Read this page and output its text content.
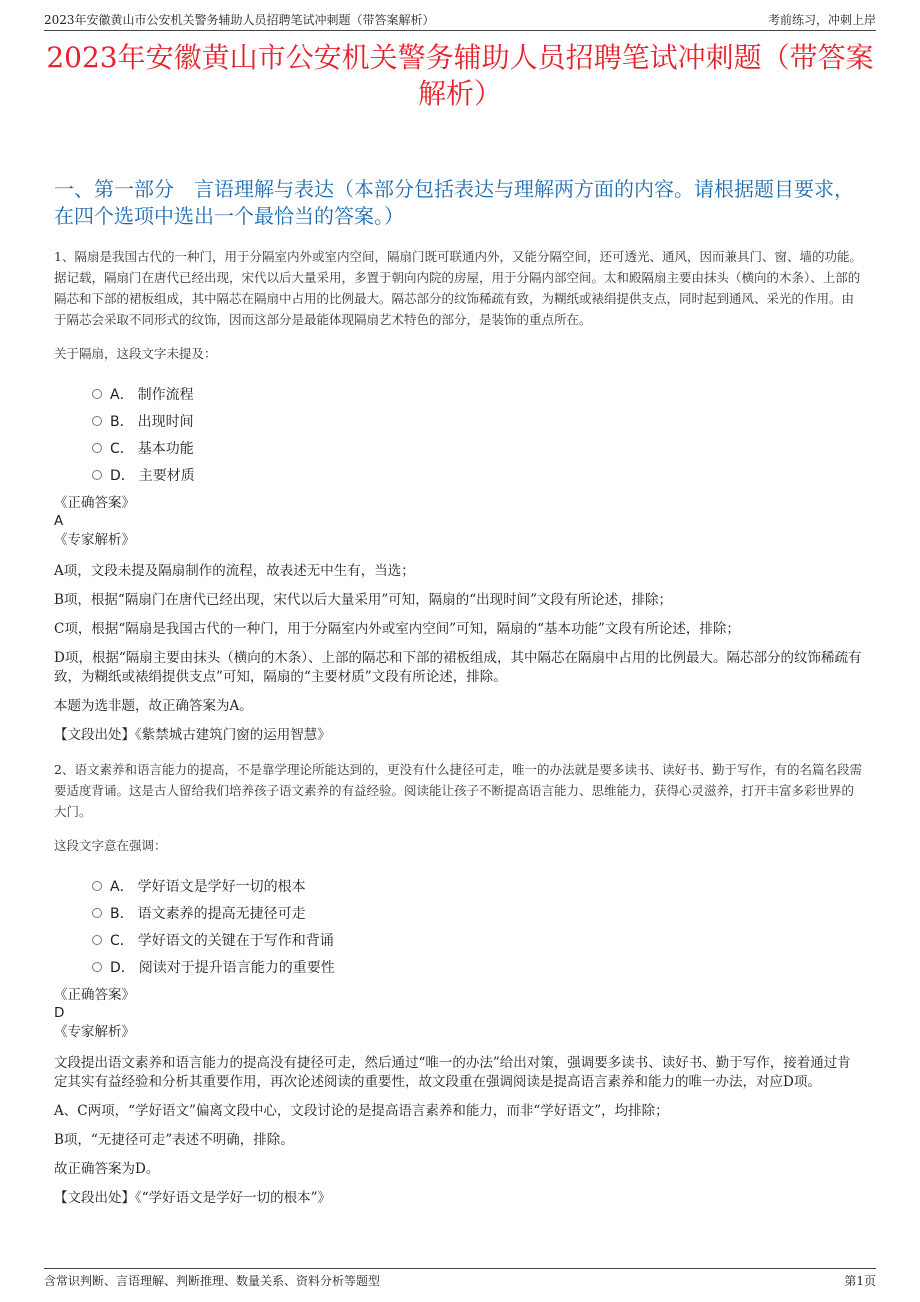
2023年安徽黄山市公安机关警务辅助人员招聘笔试冲刺题（带答案解析）	考前练习，冲刺上岸
2023年安徽黄山市公安机关警务辅助人员招聘笔试冲刺题（带答案解析）
一、第一部分　言语理解与表达（本部分包括表达与理解两方面的内容。请根据题目要求，在四个选项中选出一个最恰当的答案。）
1、隔扇是我国古代的一种门，用于分隔室内外或室内空间，隔扇门既可联通内外，又能分隔空间，还可透光、通风，因而兼具门、窗、墙的功能。据记载，隔扇门在唐代已经出现，宋代以后大量采用，多置于朝向内院的房屋，用于分隔内部空间。太和殿隔扇主要由抹头（横向的木条）、上部的隔芯和下部的裙板组成，其中隔芯在隔扇中占用的比例最大。隔芯部分的纹饰稀疏有致，为糊纸或裱绢提供支点，同时起到通风、采光的作用。由于隔芯会采取不同形式的纹饰，因而这部分是最能体现隔扇艺术特色的部分，是装饰的重点所在。
关于隔扇，这段文字未提及：
A． 制作流程
B． 出现时间
C． 基本功能
D． 主要材质
《正确答案》
A
《专家解析》
A项，文段未提及隔扇制作的流程，故表述无中生有，当选；
B项，根据“隔扇门在唐代已经出现，宋代以后大量采用”可知，隔扇的“出现时间”文段有所论述，排除；
C项，根据“隔扇是我国古代的一种门，用于分隔室内外或室内空间”可知，隔扇的“基本功能”文段有所论述，排除；
D项，根据“隔扇主要由抹头（横向的木条）、上部的隔芯和下部的裙板组成，其中隔芯在隔扇中占用的比例最大。隔芯部分的纹饰稀疏有致，为糊纸或裱绢提供支点”可知，隔扇的“主要材质”文段有所论述，排除。
本题为选非题，故正确答案为A。
【文段出处】《紫禁城古建筑门窗的运用智慧》
2、语文素养和语言能力的提高，不是靠学理论所能达到的，更没有什么捷径可走，唯一的办法就是要多读书、读好书、勤于写作，有的名篇名段需要适度背诵。这是古人留给我们培养孩子语文素养的有益经验。阅读能让孩子不断提高语言能力、思维能力，获得心灵滋养，打开丰富多彩世界的大门。
这段文字意在强调：
A． 学好语文是学好一切的根本
B． 语文素养的提高无捷径可走
C． 学好语文的关键在于写作和背诵
D． 阅读对于提升语言能力的重要性
《正确答案》
D
《专家解析》
文段提出语文素养和语言能力的提高没有捷径可走，然后通过“唯一的办法”给出对策，强调要多读书、读好书、勤于写作，接着通过肯定其实有益经验和分析其重要作用，再次论述阅读的重要性，故文段重在强调阅读是提高语言素养和能力的唯一办法，对应D项。
A、C两项，“学好语文”偏离文段中心，文段讨论的是提高语言素养和能力，而非“学好语文”，均排除；
B项，“无捷径可走”表述不明确，排除。
故正确答案为D。
【文段出处】《“学好语文是学好一切的根本”》
含常识判断、言语理解、判断推理、数量关系、资料分析等题型	第1页
